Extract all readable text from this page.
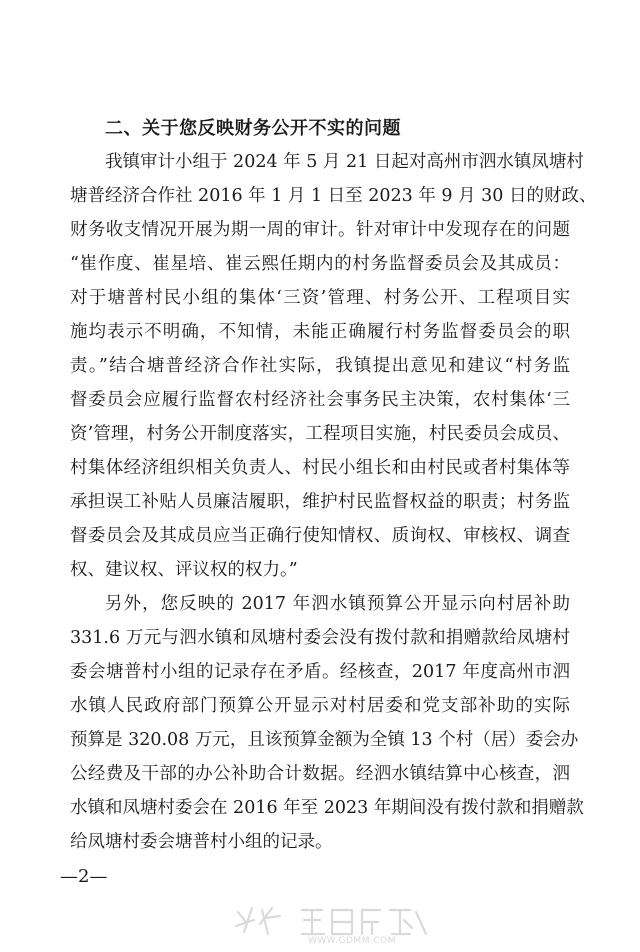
二、关于您反映财务公开不实的问题
我镇审计小组于 2024 年 5 月 21 日起对高州市泗水镇凤塘村
塘普经济合作社 2016 年 1 月 1 日至 2023 年 9 月 30 日的财政、
财务收支情况开展为期一周的审计。针对审计中发现存在的问题
“崔作度、崔星培、崔云熙任期内的村务监督委员会及其成员：
对于塘普村民小组的集体‘三资’管理、村务公开、工程项目实
施均表示不明确，不知情，未能正确履行村务监督委员会的职
责。”结合塘普经济合作社实际，我镇提出意见和建议“村务监
督委员会应履行监督农村经济社会事务民主决策，农村集体‘三
资’管理，村务公开制度落实，工程项目实施，村民委员会成员、
村集体经济组织相关负责人、村民小组长和由村民或者村集体等
承担误工补贴人员廉洁履职，维护村民监督权益的职责；村务监
督委员会及其成员应当正确行使知情权、质询权、审核权、调查
权、建议权、评议权的权力。”
另外，您反映的 2017 年泗水镇预算公开显示向村居补助
331.6 万元与泗水镇和凤塘村委会没有拨付款和捐赠款给凤塘村
委会塘普村小组的记录存在矛盾。经核查，2017 年度高州市泗
水镇人民政府部门预算公开显示对村居委和党支部补助的实际
预算是 320.08 万元，且该预算金额为全镇 13 个村（居）委会办
公经费及干部的办公补助合计数据。经泗水镇结算中心核查，泗
水镇和凤塘村委会在 2016 年至 2023 年期间没有拨付款和捐赠款
给凤塘村委会塘普村小组的记录。
—2—
WWW.GDMM.COM
